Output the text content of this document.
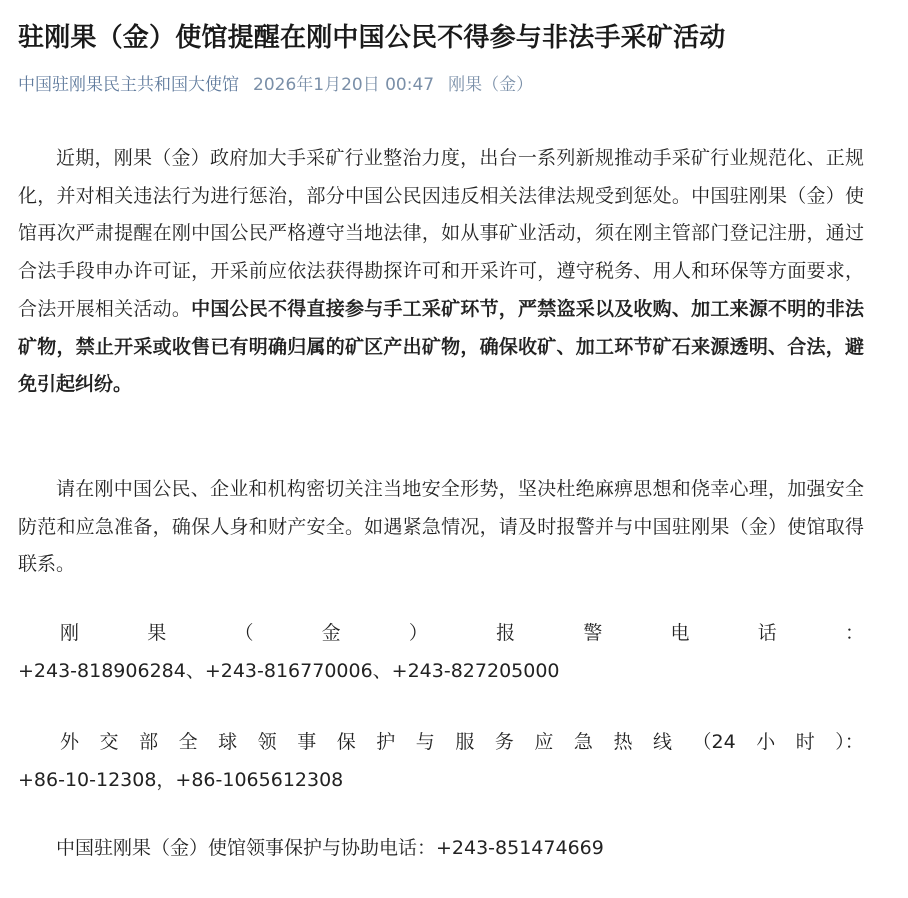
驻刚果（金）使馆提醒在刚中国公民不得参与非法手采矿活动
中国驻刚果民主共和国大使馆 2026年1月20日 00:47 刚果（金）

近期，刚果（金）政府加大手采矿行业整治力度，出台一系列新规推动手采矿行业规范化、正规化，并对相关违法行为进行惩治，部分中国公民因违反相关法律法规受到惩处。中国驻刚果（金）使馆再次严肃提醒在刚中国公民严格遵守当地法律，如从事矿业活动，须在刚主管部门登记注册，通过合法手段申办许可证，开采前应依法获得勘探许可和开采许可，遵守税务、用人和环保等方面要求，合法开展相关活动。中国公民不得直接参与手工采矿环节，严禁盗采以及收购、加工来源不明的非法矿物，禁止开采或收售已有明确归属的矿区产出矿物，确保收矿、加工环节矿石来源透明、合法，避免引起纠纷。

请在刚中国公民、企业和机构密切关注当地安全形势，坚决杜绝麻痹思想和侥幸心理，加强安全防范和应急准备，确保人身和财产安全。如遇紧急情况，请及时报警并与中国驻刚果（金）使馆取得联系。

刚	果	（	金	）	报	警	电	话	：
+243-818906284、+243-816770006、+243-827205000
外 交 部 全 球 领 事 保 护 与 服 务 应 急 热 线 （24 小 时 ）：
+86-10-12308，+86-1065612308

中国驻刚果（金）使馆领事保护与协助电话：+243-851474669
